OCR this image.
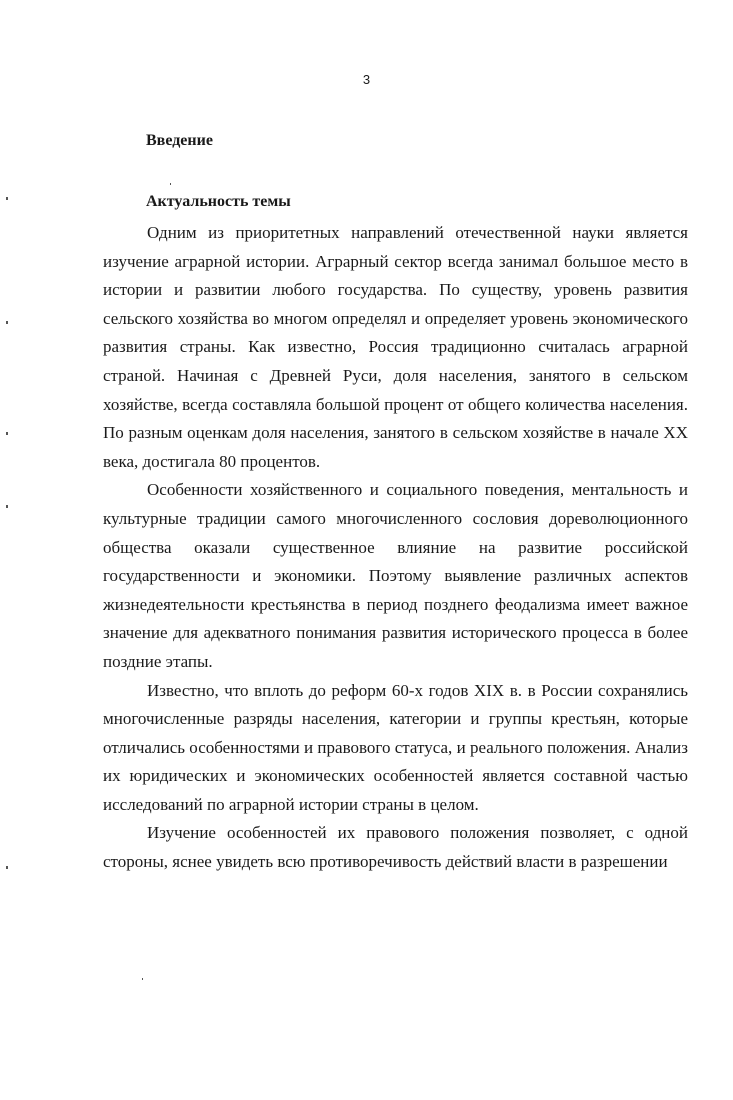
3
Введение
Актуальность темы

Одним из приоритетных направлений отечественной науки является изучение аграрной истории. Аграрный сектор всегда занимал большое место в истории и развитии любого государства. По существу, уровень развития сельского хозяйства во многом определял и определяет уровень экономического развития страны. Как известно, Россия традиционно считалась аграрной страной. Начиная с Древней Руси, доля населения, занятого в сельском хозяйстве, всегда составляла большой процент от общего количества населения. По разным оценкам доля населения, занятого в сельском хозяйстве в начале XX века, достигала 80 процентов.

Особенности хозяйственного и социального поведения, ментальность и культурные традиции самого многочисленного сословия дореволюционного общества оказали существенное влияние на развитие российской государственности и экономики. Поэтому выявление различных аспектов жизнедеятельности крестьянства в период позднего феодализма имеет важное значение для адекватного понимания развития исторического процесса в более поздние этапы.

Известно, что вплоть до реформ 60-х годов XIX в. в России сохранялись многочисленные разряды населения, категории и группы крестьян, которые отличались особенностями и правового статуса, и реального положения. Анализ их юридических и экономических особенностей является составной частью исследований по аграрной истории страны в целом.

Изучение особенностей их правового положения позволяет, с одной стороны, яснее увидеть всю противоречивость действий власти в разрешении
